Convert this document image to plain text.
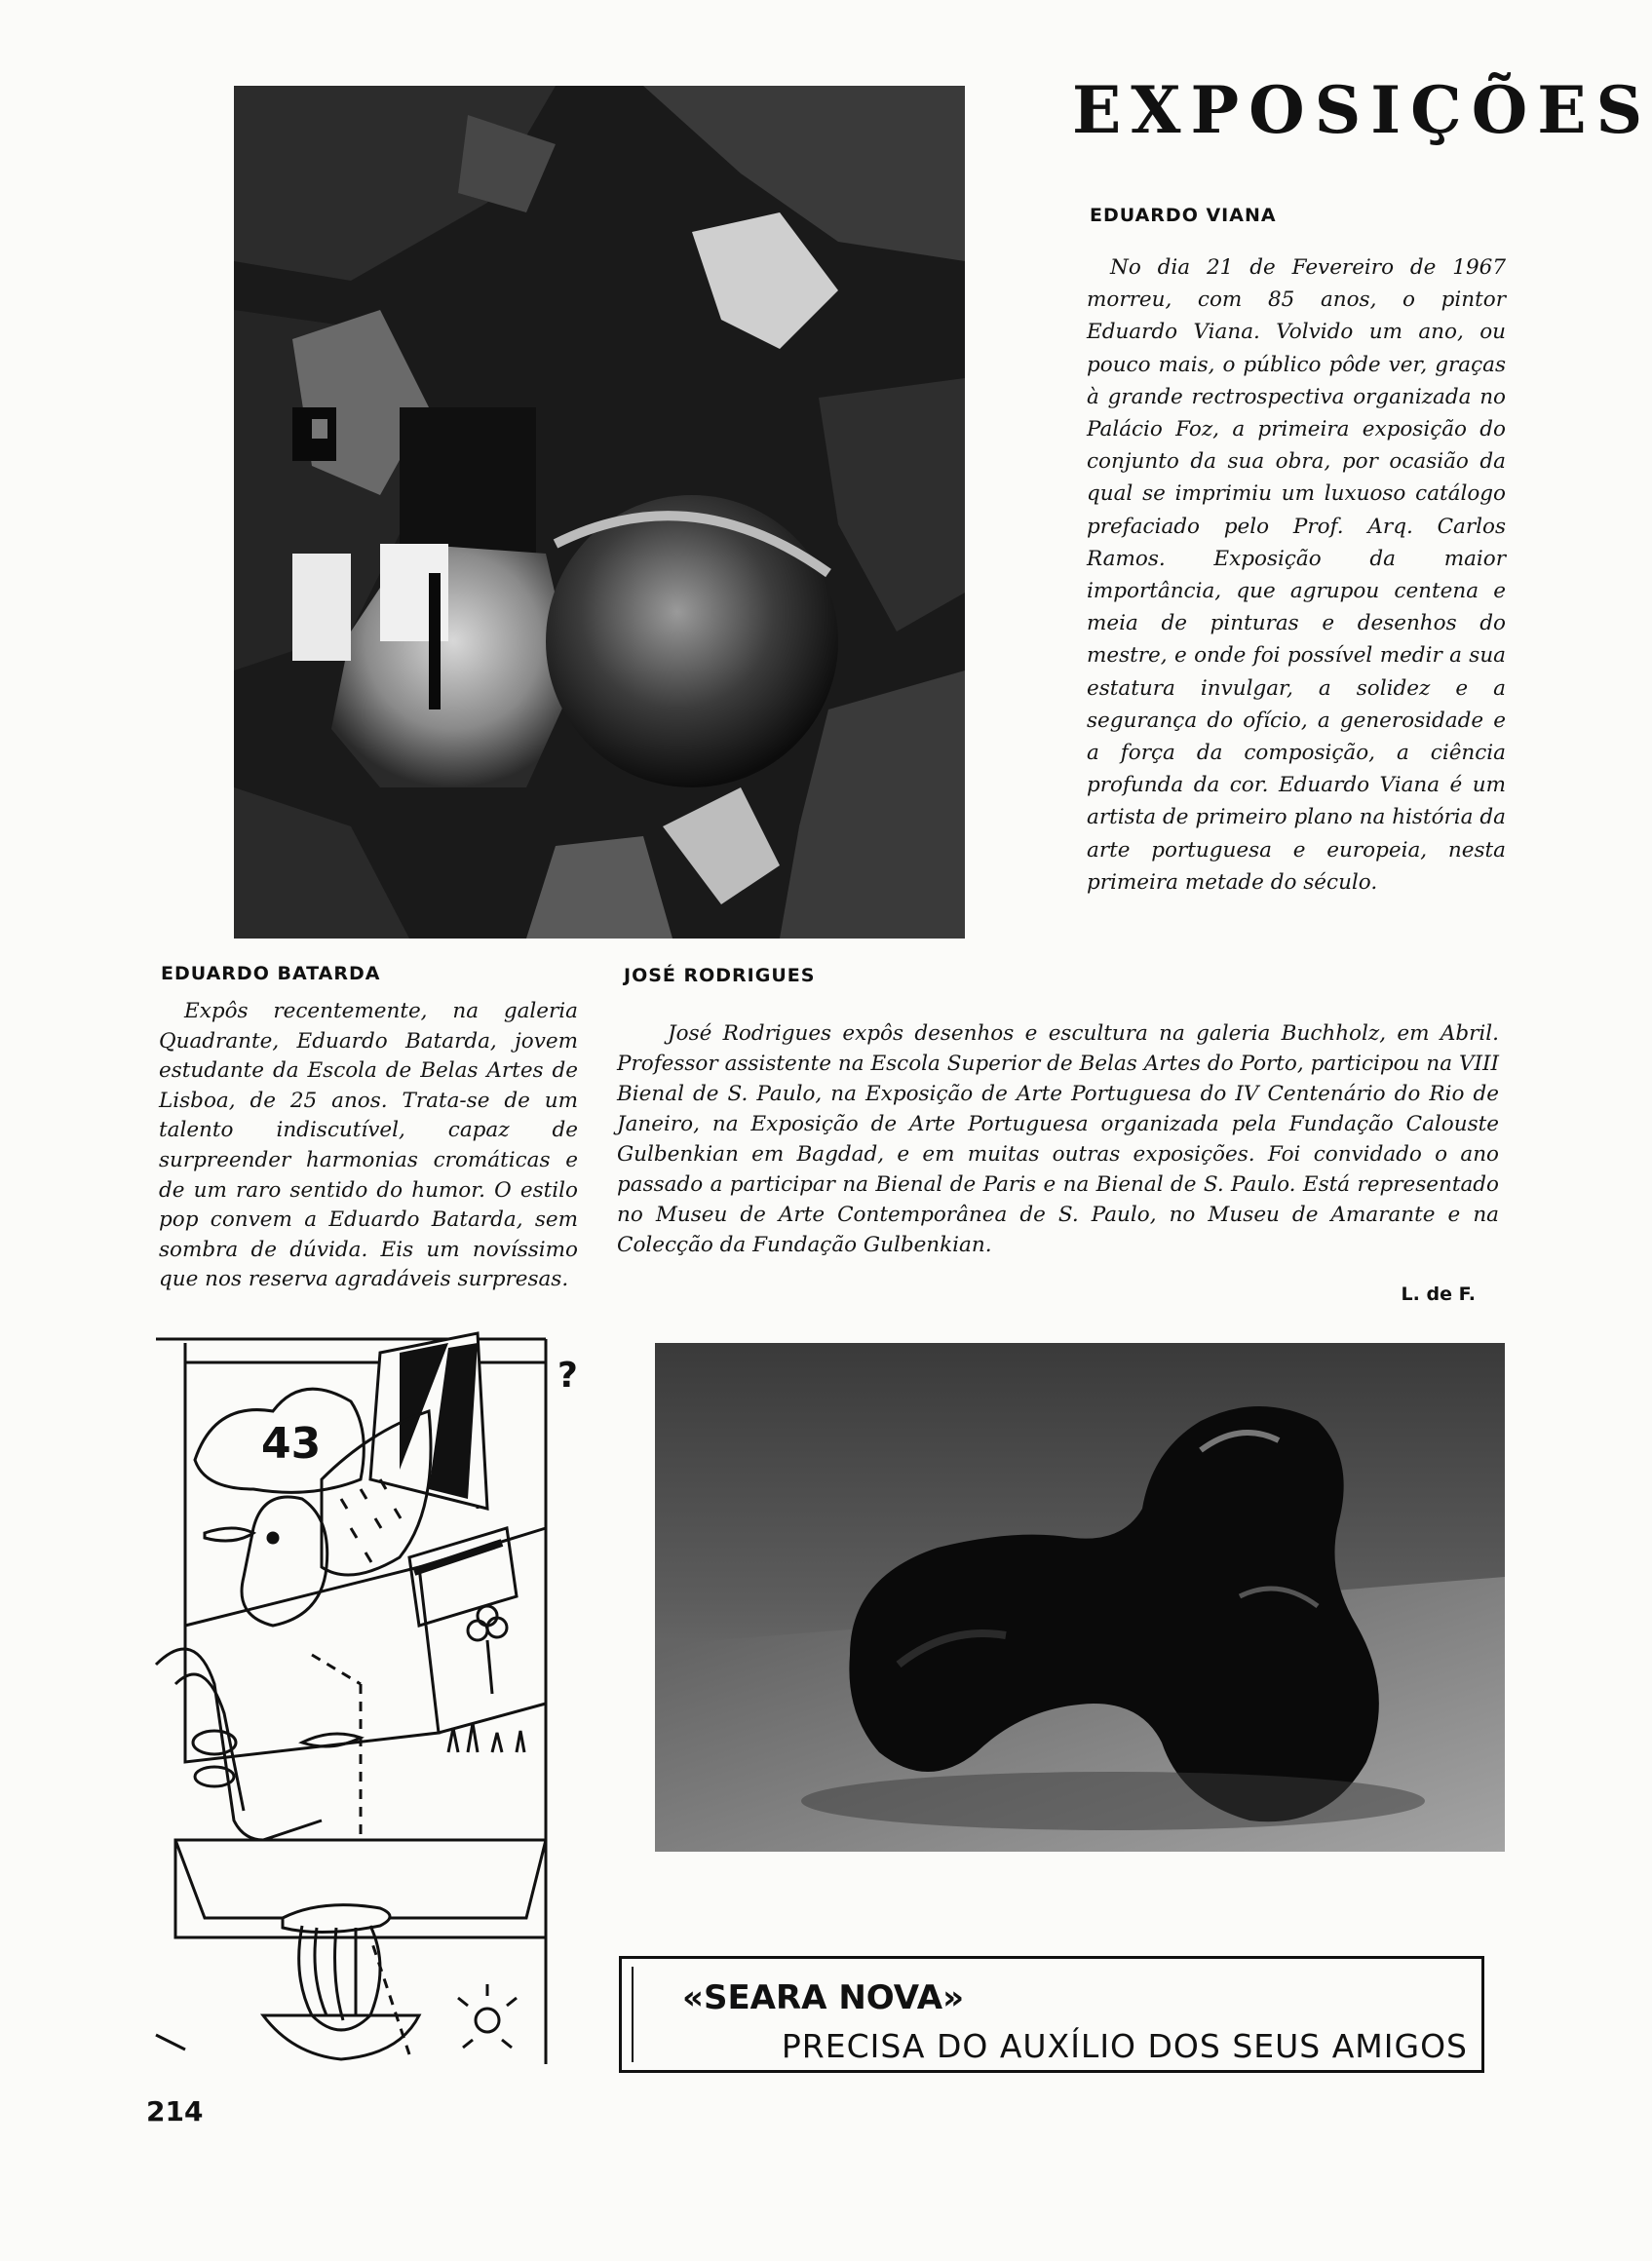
EXPOSIÇÕES
EDUARDO VIANA
No dia 21 de Fevereiro de 1967 morreu, com 85 anos, o pintor Eduardo Viana. Volvido um ano, ou pouco mais, o público pôde ver, graças à grande rectrospectiva organizada no Palácio Foz, a primeira exposição do conjunto da sua obra, por ocasião da qual se imprimiu um luxuoso catálogo prefaciado pelo Prof. Arq. Carlos Ramos. Exposição da maior importância, que agrupou centena e meia de pinturas e desenhos do mestre, e onde foi possível medir a sua estatura invulgar, a solidez e a segurança do ofício, a generosidade e a força da composição, a ciência profunda da cor. Eduardo Viana é um artista de primeiro plano na história da arte portuguesa e europeia, nesta primeira metade do século.
EDUARDO BATARDA
Expôs recentemente, na galeria Quadrante, Eduardo Batarda, jovem estudante da Escola de Belas Artes de Lisboa, de 25 anos. Trata-se de um talento indiscutível, capaz de surpreender harmonias cromáticas e de um raro sentido do humor. O estilo pop convem a Eduardo Batarda, sem sombra de dúvida. Eis um novíssimo que nos reserva agradáveis surpresas.
JOSÉ RODRIGUES
José Rodrigues expôs desenhos e escultura na galeria Buchholz, em Abril. Professor assistente na Escola Superior de Belas Artes do Porto, participou na VIII Bienal de S. Paulo, na Exposição de Arte Portuguesa do IV Centenário do Rio de Janeiro, na Exposição de Arte Portuguesa organizada pela Fundação Calouste Gulbenkian em Bagdad, e em muitas outras exposições. Foi convidado o ano passado a participar na Bienal de Paris e na Bienal de S. Paulo. Está representado no Museu de Arte Contemporânea de S. Paulo, no Museu de Amarante e na Colecção da Fundação Gulbenkian.
L. de F.
?
43
«SEARA NOVA»
PRECISA DO AUXÍLIO DOS SEUS AMIGOS
214
